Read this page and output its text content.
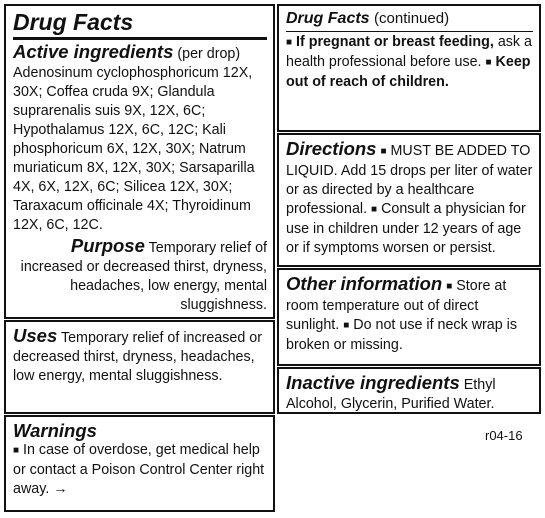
Drug Facts

Active ingredients (per drop)

Adenosinum cyclophosphoricum 12X, 30X; Coffea cruda 9X; Glandula suprarenalis suis 9X, 12X, 6C; Hypothalamus 12X, 6C, 12C; Kali phosphoricum 6X, 12X, 30X; Natrum muriaticum 8X, 12X, 30X; Sarsaparilla 4X, 6X, 12X, 6C; Silicea 12X, 30X; Taraxacum officinale 4X; Thyroidinum 12X, 6C, 12C.

Purpose Temporary relief of increased or decreased thirst, dryness, headaches, low energy, mental sluggishness.

Uses Temporary relief of increased or decreased thirst, dryness, headaches, low energy, mental sluggishness.

Warnings

■ In case of overdose, get medical help or contact a Poison Control Center right away. →

Drug Facts (continued)

■ If pregnant or breast feeding, ask a health professional before use. ■ Keep out of reach of children.

Directions ■ MUST BE ADDED TO LIQUID. Add 15 drops per liter of water or as directed by a healthcare professional. ■ Consult a physician for use in children under 12 years of age or if symptoms worsen or persist.

Other information ■ Store at room temperature out of direct sunlight. ■ Do not use if neck wrap is broken or missing.

Inactive ingredients Ethyl Alcohol, Glycerin, Purified Water.

r04-16
